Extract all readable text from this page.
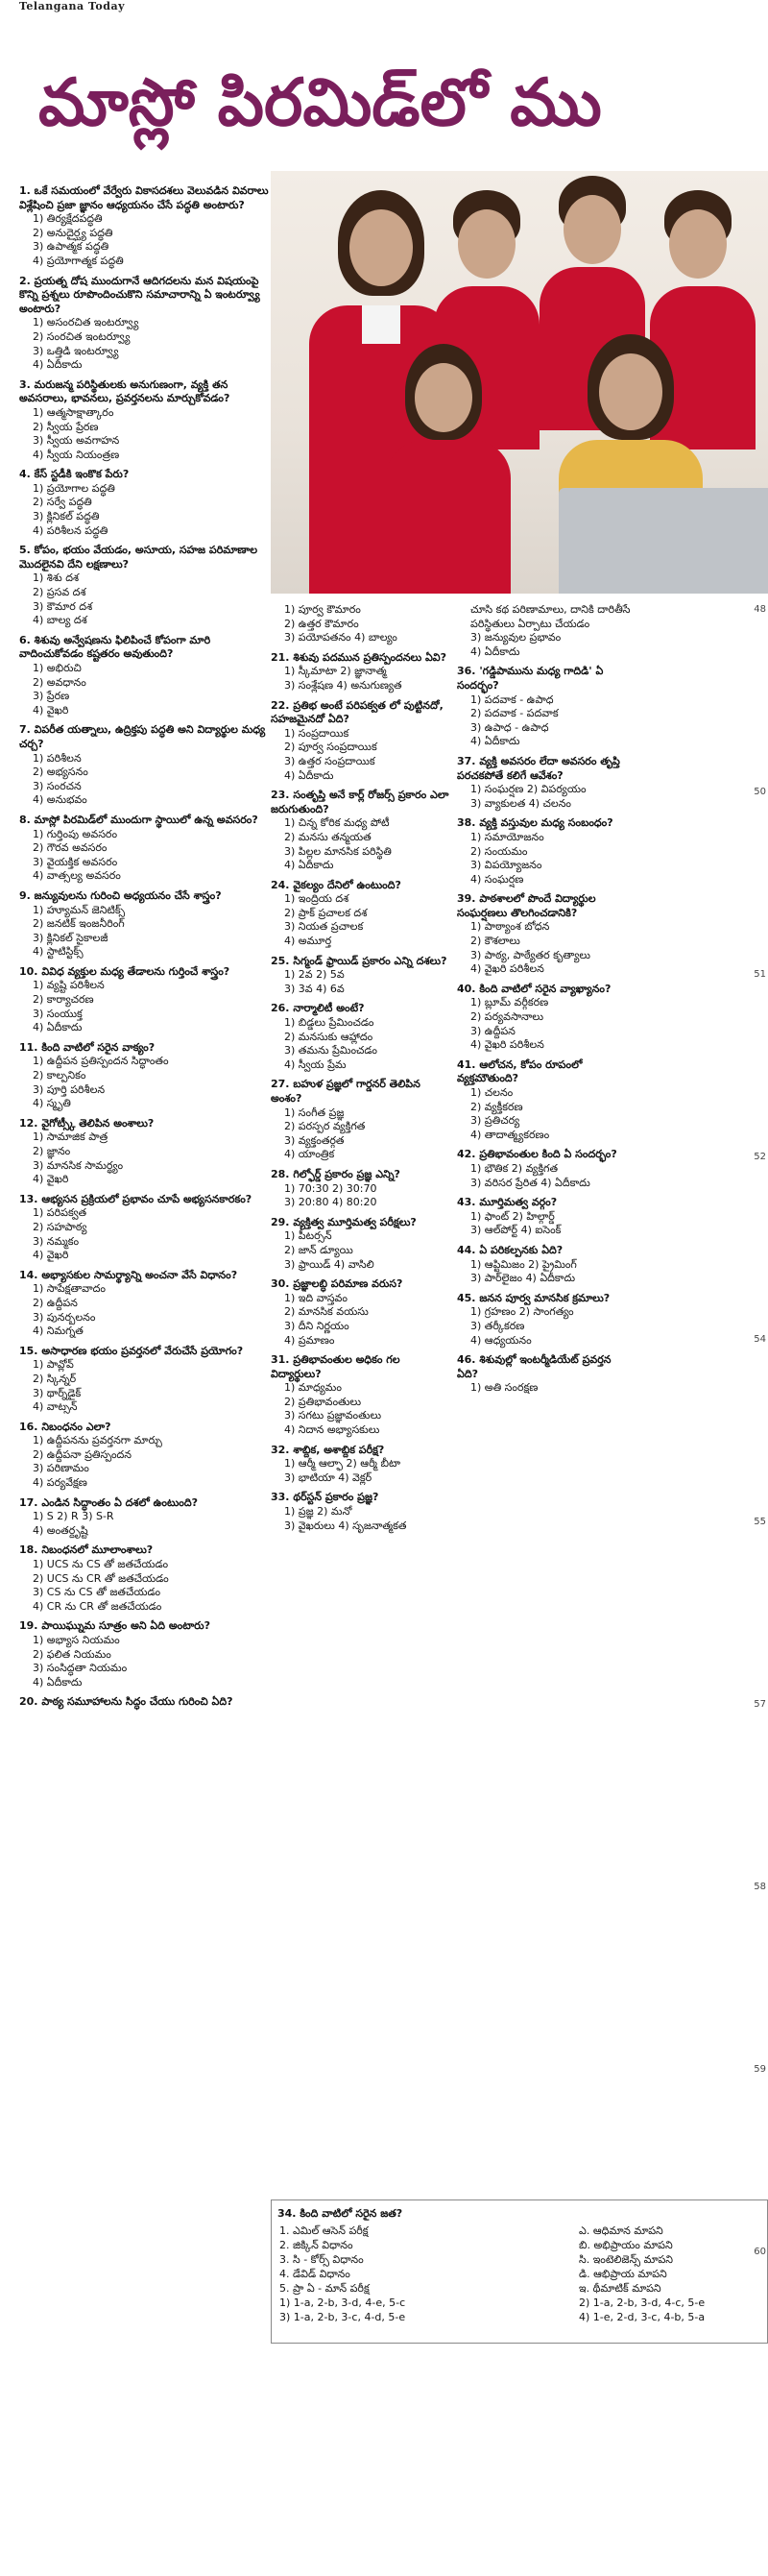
Telangana Today
మాస్లో పిరమిడ్‌లో ము
1. ఒకే సమయంలో వేర్వేరు వికాసదశలు వెలువడిన వివరాలు విశ్లేషించి ప్రజా జ్ఞానం ఆధ్యయనం చేసే పద్ధతి అంటారు?
1) తిర్యక్షేదపద్ధతి
2) అనుదైర్ఘ్య పద్ధతి
3) ఉపాత్మక పద్ధతి
4) ప్రయోగాత్మక పద్ధతి
2. ప్రయత్న దోష ముందుగానే ఆదిగదలను మన విషయంపై కొన్ని ప్రశ్నలు రూపొందించుకొని సమాచారాన్ని ఏ ఇంటర్వ్యూ అంటారు?
1) అసంరచిత ఇంటర్వ్యూ
2) సంరచిత ఇంటర్వ్యూ
3) ఒత్తిడి ఇంటర్వ్యూ
4) ఏదీకాదు
3. మరుజన్మ పరిస్థితులకు అనుగుణంగా, వ్యక్తి తన అవసరాలు, భావనలు, ప్రవర్తనలను మార్చుకోవడం?
1) ఆత్మసాక్షాత్కారం
2) స్వీయ ప్రేరణ
3) స్వీయ అవగాహన
4) స్వీయ నియంత్రణ
4. కేస్ స్టడీకి ఇంకొక పేరు?
1) ప్రయోగాల పద్ధతి
2) సర్వే పద్ధతి
3) క్లినికల్ పద్ధతి
4) పరిశీలన పద్ధతి
5. కోపం, భయం వేయడం, అసూయ, సహజ పరిమాణాల మొదలైనవి దేని లక్షణాలు?
1) శిశు దశ
2) ప్రసవ దశ
3) కౌమార దశ
4) బాల్య దశ
6. శిశువు అన్వేషణను ఫిలిపించే కోపంగా మారి వాదించుకోవడం కష్టతరం అవుతుంది?
1) అభిరుచి
2) అవధానం
3) ప్రేరణ
4) వైఖరి
7. విపరీత యత్నాలు, ఉద్రిక్తపు పద్ధతి అని విద్యార్థుల మధ్య చర్చ?
1) పరిశీలన
2) అభ్యసనం
3) సంరచన
4) అనుభవం
8. మాస్లో పిరమిడ్‌లో ముందుగా స్థాయిలో ఉన్న అవసరం?
1) గుర్తింపు అవసరం
2) గౌరవ అవసరం
3) వైయక్తిక అవసరం
4) వాత్సల్య అవసరం
9. జన్యువులను గురించి అధ్యయనం చేసే శాస్త్రం?
1) హ్యూమన్ జెనిటిక్స్
2) జనటిక్ ఇంజనీరింగ్
3) క్లినికల్ సైకాలజీ
4) స్టాటిస్టిక్స్
10. వివిధ వ్యక్తుల మధ్య తేడాలను గుర్తించే శాస్త్రం?
1) వ్యష్టి పరిశీలన
2) కార్యాచరణ
3) సంయుక్త
4) ఏదీకాదు
11. కింది వాటిలో సరైన వాక్యం?
1) ఉద్దీపన ప్రతిస్పందన సిద్ధాంతం
2) కాల్పనికం
3) పూర్తి పరిశీలన
4) స్మృతి
12. వైగోట్స్కీ తెలిపిన అంశాలు?
1) సామాజిక పాత్ర
2) జ్ఞానం
3) మానసిక సామర్థ్యం
4) వైఖరి
13. ఆభ్యసన ప్రక్రియలో ప్రభావం చూపే అభ్యసనకారకం?
1) పరిపక్వత
2) సహపాఠ్య
3) నమ్మకం
4) వైఖరి
14. అభ్యాసకుల సామర్థ్యాన్ని అంచనా వేసే విధానం?
1) సాపేక్షతావాదం
2) ఉద్దీపన
3) పునర్బలనం
4) నిమగ్నత
15. అసాధారణ భయం ప్రవర్తనలో వేరుచేసే ప్రయోగం?
1) పావ్లోవ్
2) స్కిన్నర్
3) థార్న్‌డైక్
4) వాట్సన్
16. నిబంధనం ఎలా?
1) ఉద్దీపనను ప్రవర్తనగా మార్చు
2) ఉద్దీపనా ప్రతిస్పందన
3) పరిణామం
4) పర్యవేక్షణ
17. ఎండిన సిద్ధాంతం ఏ దశలో ఉంటుంది?
1) S 2) R 3) S-R
4) అంతర్దృష్టి
18. నిబంధనలో మూలాంశాలు?
1) UCS ను CS తో జతచేయడం
2) UCS ను CR తో జతచేయడం
3) CS ను CS తో జతచేయడం
4) CR ను CR తో జతచేయడం
19. పాయిఘ్నుమ సూత్రం అని ఏది అంటారు?
1) అభ్యాస నియమం
2) ఫలిత నియమం
3) సంసిద్ధతా నియమం
4) ఏదీకాదు
20. పాఠ్య సమూహాలను సిద్ధం చేయు గురించి ఏది?
1) పూర్వ కౌమారం
2) ఉత్తర కౌమారం
3) పయోపతనం 4) బాల్యం
21. శిశువు పదమున ప్రతిస్పందనలు ఏవి?
1) స్కీమాటా 2) జ్ఞానాత్మ
3) సంశ్లేషణ 4) అనుగుణ్యత
22. ప్రతిభ అంటే పరిపక్వత లో పుట్టినదో, సహజమైనదో ఏది?
1) సంప్రదాయిక
2) పూర్వ సంప్రదాయిక
3) ఉత్తర సంప్రదాయిక
4) ఏదీకాదు
23. సంతృప్తి అనే కార్ల్ రోజర్స్ ప్రకారం ఎలా జరుగుతుంది?
1) చిన్న కోరిక మధ్య పోటీ
2) మనసు తన్మయత
3) పిల్లల మానసిక పరిస్థితి
4) ఏదీకాదు
24. వైకల్యం దేనిలో ఉంటుంది?
1) ఇంద్రియ దశ
2) ప్రాక్ ప్రచాలక దశ
3) నియత ప్రచాలక
4) అమూర్త
25. సిగ్మండ్ ఫ్రాయిడ్ ప్రకారం ఎన్ని దశలు?
1) 2వ 2) 5వ
3) 3వ 4) 6వ
26. నార్మాలిటీ అంటే?
1) బిడ్డలు ప్రేమించడం
2) మనసుకు ఆహ్లాదం
3) తమను ప్రేమించడం
4) స్వీయ ప్రేమ
27. బహుళ ప్రజ్ఞలో గార్డనర్ తెలిపిన అంశం?
1) సంగీత ప్రజ్ఞ
2) పరస్పర వ్యక్తిగత
3) వ్యక్తంతర్గత
4) యాంత్రిక
28. గిల్ఫోర్డ్ ప్రకారం ప్రజ్ఞ ఎన్ని?
1) 70:30 2) 30:70
3) 20:80 4) 80:20
29. వ్యక్తిత్వ మూర్తిమత్వ పరీక్షలు?
1) పీటర్సన్
2) జాన్ డ్యూయి
3) ఫ్రాయిడ్ 4) వాసిలి
30. ప్రజ్ఞాలబ్ధి పరిమాణ వరుస?
1) ఇది వాస్తవం
2) మానసిక వయసు
3) దీని నిర్ణయం
4) ప్రమాణం
31. ప్రతిభావంతుల అధికం గల విద్యార్థులు?
1) మాధ్యమం
2) ప్రతిభావంతులు
3) సగటు ప్రజ్ఞావంతులు
4) నిదాన అభ్యాసకులు
32. శాబ్దిక, అశాబ్దిక పరీక్ష?
1) ఆర్మీ ఆల్ఫా 2) ఆర్మీ బీటా
3) భాటియా 4) వెక్లర్
33. థర్‌స్టన్ ప్రకారం ప్రజ్ఞ?
1) ప్రజ్ఞ 2) మనో
3) వైఖరులు 4) సృజనాత్మకత
చూసి కథ పరిణామాలు, దానికి దారితీసే పరిస్థితులు ఏర్పాటు చేయడం
3) జన్యువుల ప్రభావం
4) ఏదీకాదు
36. 'గడ్డిపామును మధ్య గాదిడి' ఏ సందర్భం?
1) పదవాక - ఉపాధ
2) పదవాక - పదవాక
3) ఉపాధ - ఉపాధ
4) ఏదీకాదు
37. వ్యక్తి అవసరం లేదా అవసరం తృప్తి పరచకపోతే కలిగే ఆవేశం?
1) సంఘర్షణ 2) విపర్యయం
3) వ్యాకులత 4) చలనం
38. వ్యక్తి వస్తువుల మధ్య సంబంధం?
1) సమాయోజనం
2) సంయమం
3) విపయ్యోజనం
4) సంఘర్షణ
39. పాఠశాలలో పొందే విద్యార్థుల సంఘర్షణలు తొలగించడానికి?
1) పాఠ్యాంశ బోధన
2) కౌశలాలు
3) పాఠ్య, పాఠ్యేతర కృత్యాలు
4) వైఖరి పరిశీలన
40. కింది వాటిలో సరైన వ్యాఖ్యానం?
1) బ్లూమ్ వర్గీకరణ
2) పర్యవసానాలు
3) ఉద్దీపన
4) వైఖరి పరిశీలన
41. ఆలోచన, కోపం రూపంలో వ్యక్తమౌతుంది?
1) చలనం
2) వ్యక్తీకరణ
3) ప్రతిచర్య
4) తాదాత్మ్యకరణం
42. ప్రతిభావంతుల కింది ఏ సందర్భం?
1) భౌతిక 2) వ్యక్తిగత
3) వరిసర ప్రేరిత 4) ఏదీకాదు
43. మూర్తిమత్వ వర్గం?
1) ఫాంట్ 2) హిల్గార్డ్
3) ఆల్‌పోర్ట్ 4) ఐసెంక్
44. ఏ పరికల్పనకు ఏది?
1) ఆప్టిమిజం 2) ప్రైమింగ్
3) పార్‌లైజం 4) ఏదీకాదు
45. జనన పూర్వ మానసిక క్రమాలు?
1) గ్రహణం 2) సాంగత్యం
3) తర్కీకరణ
4) ఆధ్యయనం
46. శిశువుల్లో ఇంటర్మీడియేట్ ప్రవర్తన ఏది?
1) అతి సంరక్షణ
48
50
51
52
54
55
57
58
59
60
34. కింది వాటిలో సరైన జత?
1. ఎమిల్ ఆసెన్ పరీక్ష
2. జిక్కిన్ విధానం
3. సి - కోర్స్ విధానం
4. డేవిడ్ విధానం
5. ప్రా ఏ - మాన్ పరీక్ష
1) 1-a, 2-b, 3-d, 4-e, 5-c
3) 1-a, 2-b, 3-c, 4-d, 5-e
ఎ. ఆధిమాన మాపని
బి. అభిప్రాయం మాపని
సి. ఇంటెలిజెన్స్ మాపని
డి. ఆభిప్రాయ మాపని
ఇ. థీమాటిక్ మాపని
2) 1-a, 2-b, 3-d, 4-c, 5-e
4) 1-e, 2-d, 3-c, 4-b, 5-a
